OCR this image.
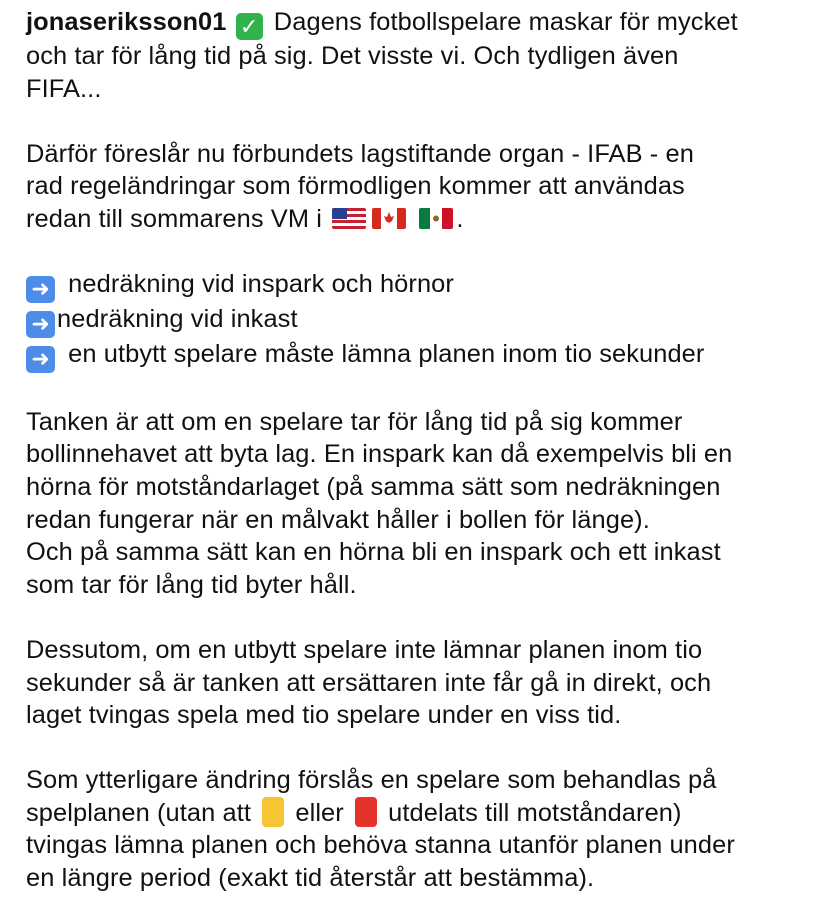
jonaseriksson01 ✓ Dagens fotbollspelare maskar för mycket
och tar för lång tid på sig. Det visste vi. Och tydligen även
FIFA...

Därför föreslår nu förbundets lagstiftande organ - IFAB - en
rad regeländringar som förmodligen kommer att användas
redan till sommarens VM i
	.

➜ nedräkning vid inspark och hörnor
➜ nedräkning vid inkast
➜ en utbytt spelare måste lämna planen inom tio sekunder

Tanken är att om en spelare tar för lång tid på sig kommer
bollinnehavet att byta lag. En inspark kan då exempelvis bli en
hörna för motståndarlaget (på samma sätt som nedräkningen
redan fungerar när en målvakt håller i bollen för länge).
Och på samma sätt kan en hörna bli en inspark och ett inkast
som tar för lång tid byter håll.

Dessutom, om en utbytt spelare inte lämnar planen inom tio
sekunder så är tanken att ersättaren inte får gå in direkt, och
laget tvingas spela med tio spelare under en viss tid.

Som ytterligare ändring förslås en spelare som behandlas på
spelplanen (utan att  eller  utdelats till motståndaren)
tvingas lämna planen och behöva stanna utanför planen under
en längre period (exakt tid återstår att bestämma).
